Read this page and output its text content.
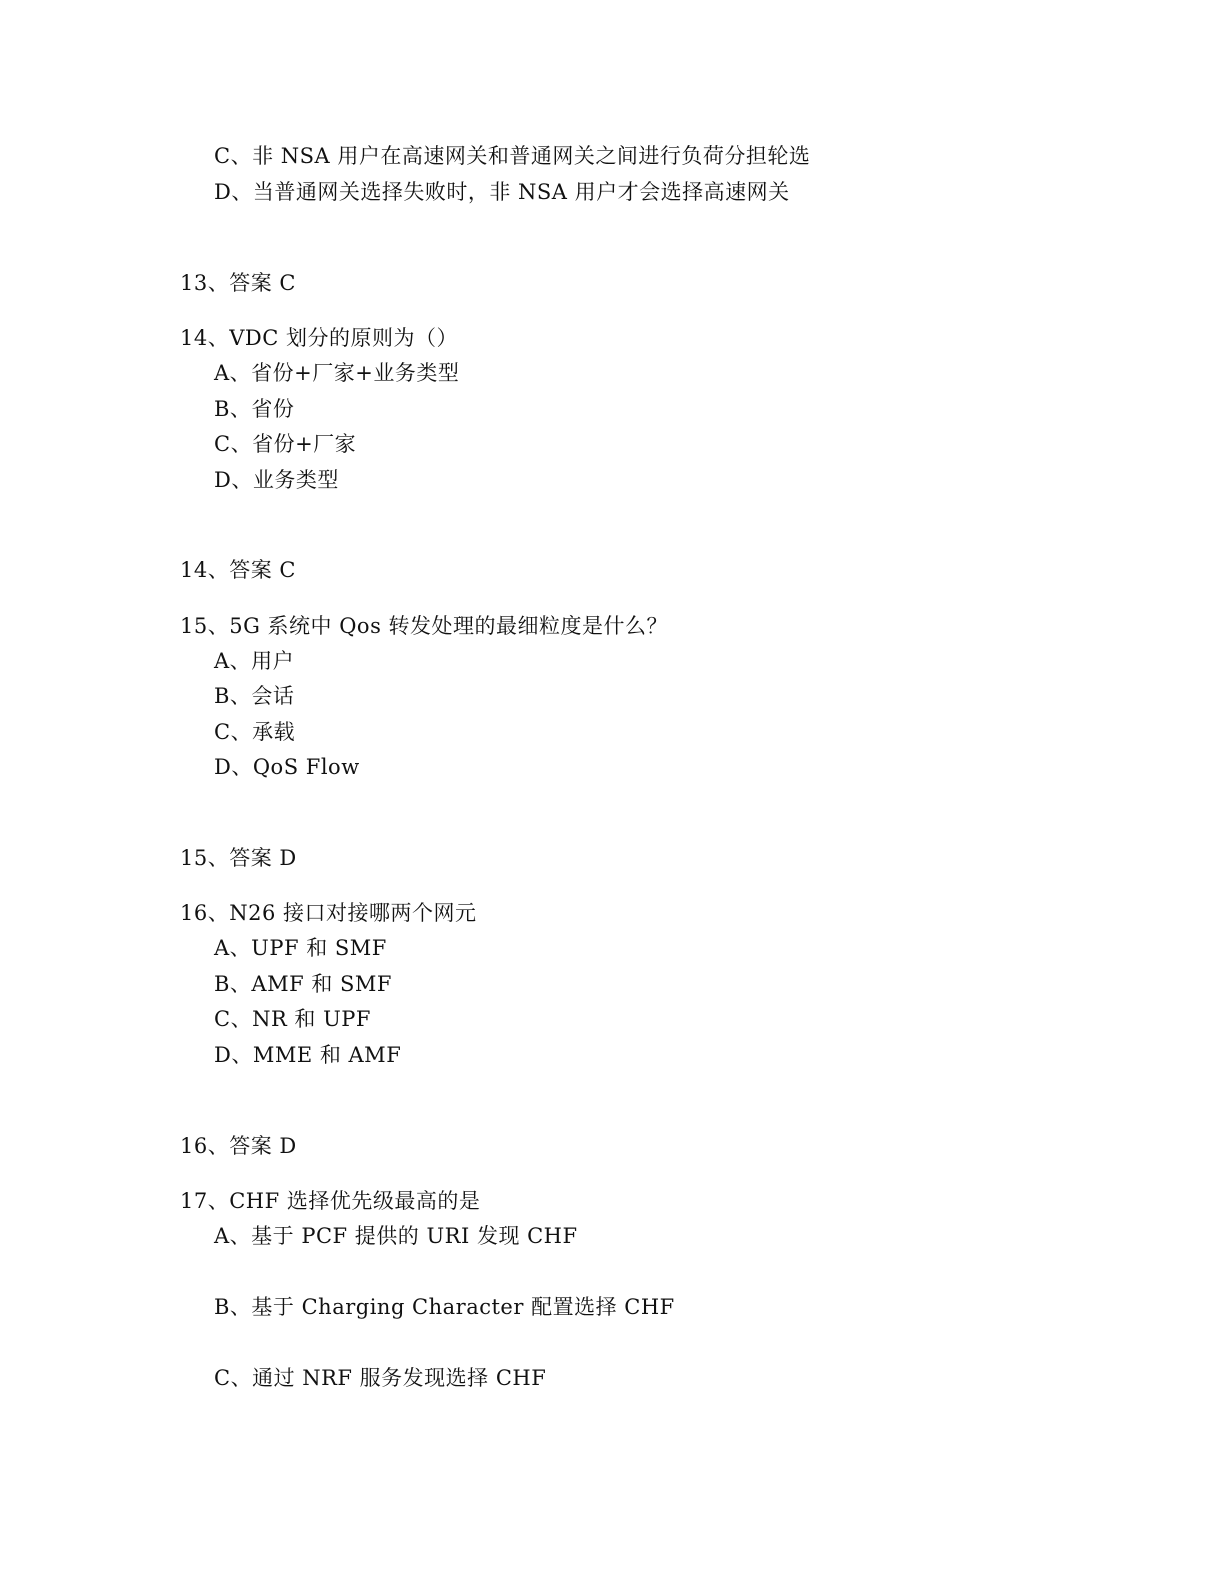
C、非 NSA 用户在高速网关和普通网关之间进行负荷分担轮选
D、当普通网关选择失败时，非 NSA 用户才会选择高速网关
13、答案 C
14、VDC 划分的原则为（）
A、省份+厂家+业务类型
B、省份
C、省份+厂家
D、业务类型
14、答案 C
15、5G 系统中 Qos 转发处理的最细粒度是什么？
A、用户
B、会话
C、承载
D、QoS Flow
15、答案 D
16、N26 接口对接哪两个网元
A、UPF 和 SMF
B、AMF 和 SMF
C、NR 和 UPF
D、MME 和 AMF
16、答案 D
17、CHF 选择优先级最高的是
A、基于 PCF 提供的 URI 发现 CHF
B、基于 Charging Character 配置选择 CHF
C、通过 NRF 服务发现选择 CHF
